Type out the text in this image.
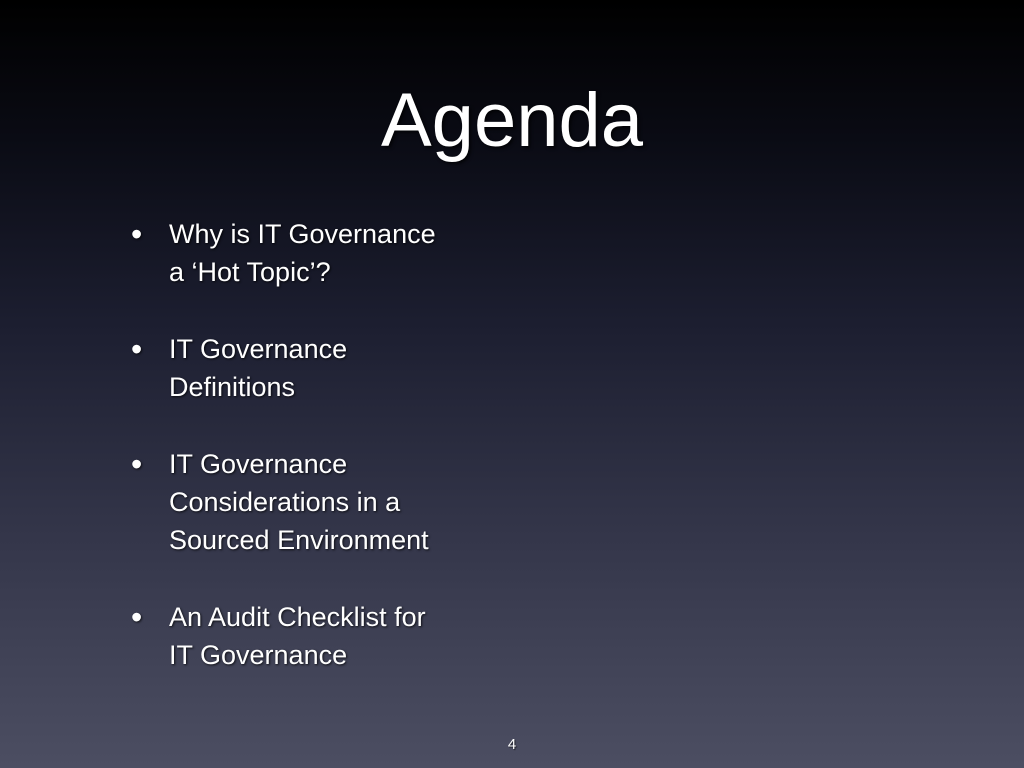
Agenda
• Why is IT Governance
a ‘Hot Topic’?
• IT Governance
Definitions
• IT Governance
Considerations in a
Sourced Environment
• An Audit Checklist for
IT Governance
4
